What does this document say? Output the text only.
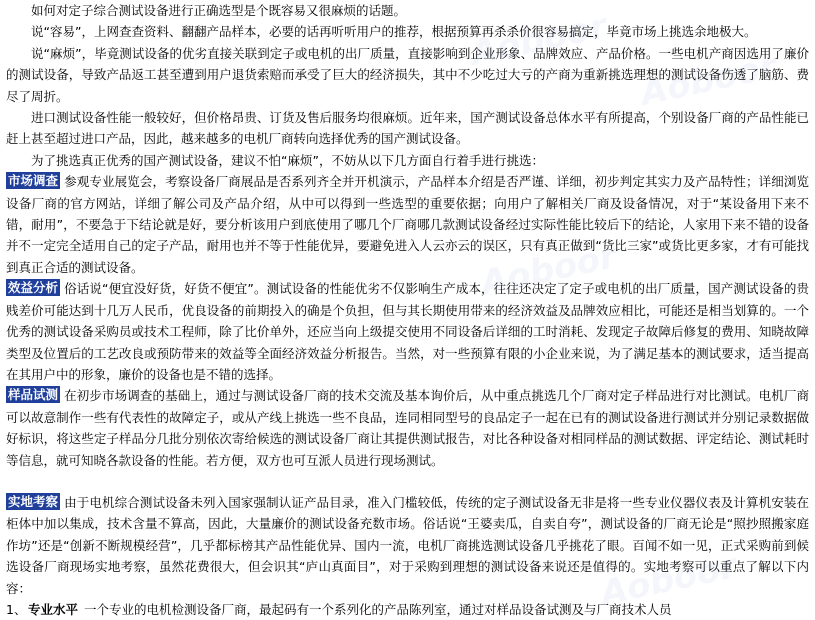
如何对定子综合测试设备进行正确选型是个既容易又很麻烦的话题。

说“容易”，上网查查资料、翻翻产品样本，必要的话再听听用户的推荐，根据预算再杀杀价很容易搞定，毕竟市场上挑选余地极大。

说“麻烦”，毕竟测试设备的优劣直接关联到定子或电机的出厂质量，直接影响到企业形象、品牌效应、产品价格。一些电机产商因选用了廉价的测试设备，导致产品返工甚至遭到用户退货索赔而承受了巨大的经济损失，其中不少吃过大亏的产商为重新挑选理想的测试设备伤透了脑筋、费尽了周折。

进口测试设备性能一般较好，但价格昂贵、订货及售后服务均很麻烦。近年来，国产测试设备总体水平有所提高，个别设备厂商的产品性能已赶上甚至超过进口产品，因此，越来越多的电机厂商转向选择优秀的国产测试设备。

为了挑选真正优秀的国产测试设备，建议不怕“麻烦”，不妨从以下几方面自行着手进行挑选：

市场调查 参观专业展览会，考察设备厂商展品是否系列齐全并开机演示，产品样本介绍是否严谨、详细，初步判定其实力及产品特性；详细浏览设备厂商的官方网站，详细了解公司及产品介绍，从中可以得到一些选型的重要依据；向用户了解相关厂商及设备情况，对于“某设备用下来不错，耐用”，不要急于下结论就是好，要分析该用户到底使用了哪几个厂商哪几款测试设备经过实际性能比较后下的结论，人家用下来不错的设备并不一定完全适用自己的定子产品，耐用也并不等于性能优异，要避免进入人云亦云的误区，只有真正做到“货比三家”或货比更多家，才有可能找到真正合适的测试设备。

效益分析 俗话说“便宜没好货，好货不便宜”。测试设备的性能优劣不仅影响生产成本，往往还决定了定子或电机的出厂质量，国产测试设备的贵贱差价可能达到十几万人民币，优良设备的前期投入的确是个负担，但与其长期使用带来的经济效益及品牌效应相比，可能还是相当划算的。一个优秀的测试设备采购员或技术工程师，除了比价单外，还应当向上级提交使用不同设备后详细的工时消耗、发现定子故障后修复的费用、知晓故障类型及位置后的工艺改良或预防带来的效益等全面经济效益分析报告。当然，对一些预算有限的小企业来说，为了满足基本的测试要求，适当提高在其用户中的形象，廉价的设备也是不错的选择。

样品试测 在初步市场调查的基础上，通过与测试设备厂商的技术交流及基本询价后，从中重点挑选几个厂商对定子样品进行对比测试。电机厂商可以故意制作一些有代表性的故障定子，或从产线上挑选一些不良品，连同相同型号的良品定子一起在已有的测试设备进行测试并分别记录数据做好标识，将这些定子样品分几批分别依次寄给候选的测试设备厂商让其提供测试报告，对比各种设备对相同样品的测试数据、评定结论、测试耗时等信息，就可知晓各款设备的性能。若方便，双方也可互派人员进行现场测试。

实地考察 由于电机综合测试设备未列入国家强制认证产品目录，准入门槛较低，传统的定子测试设备无非是将一些专业仪器仪表及计算机安装在柜体中加以集成，技术含量不算高，因此，大量廉价的测试设备充数市场。俗话说“王婆卖瓜，自卖自夸”，测试设备的厂商无论是“照抄照搬家庭作坊”还是“创新不断规模经营”，几乎都标榜其产品性能优异、国内一流，电机厂商挑选测试设备几乎挑花了眼。百闻不如一见，正式采购前到候选设备厂商现场实地考察，虽然花费很大，但会识其“庐山真面目”，对于采购到理想的测试设备来说还是值得的。实地考察可以重点了解以下内容：

1、 专业水平 一个专业的电机检测设备厂商，最起码有一个系列化的产品陈列室，通过对样品设备试测及与厂商技术人员

Aoboor
Aoboor
Aoboor
Aoboor
